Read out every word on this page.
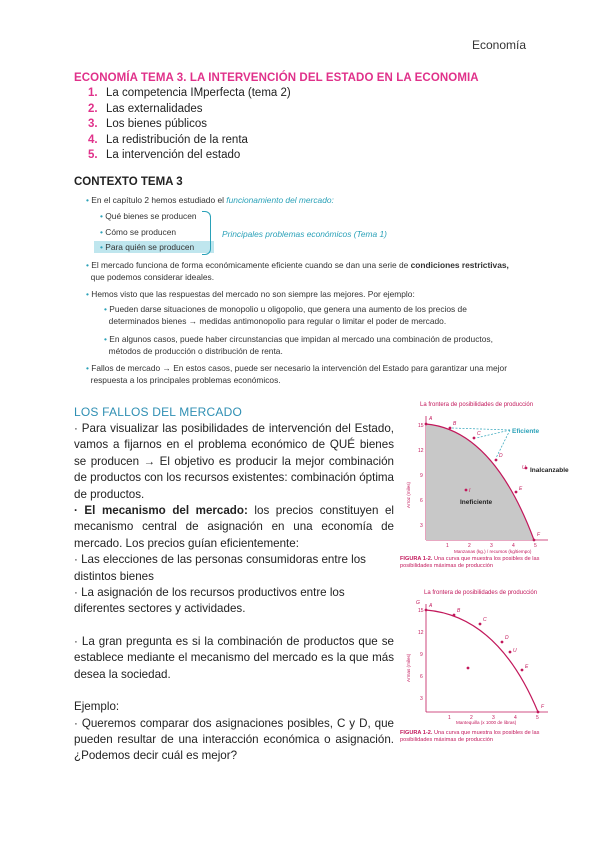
Economía
ECONOMÍA TEMA 3. LA INTERVENCIÓN DEL ESTADO EN LA ECONOMIA
1. La competencia IMperfecta (tema 2)
2. Las externalidades
3. Los bienes públicos
4. La redistribución de la renta
5. La intervención del estado
CONTEXTO TEMA 3
• En el capítulo 2 hemos estudiado el funcionamiento del mercado:
• Qué bienes se producen
• Cómo se producen
• Para quién se producen
Principales problemas económicos (Tema 1)
• El mercado funciona de forma económicamente eficiente cuando se dan una serie de condiciones restrictivas,
que podemos considerar ideales.
• Hemos visto que las respuestas del mercado no son siempre las mejores. Por ejemplo:
• Pueden darse situaciones de monopolio u oligopolio, que genera una aumento de los precios de
determinados bienes → medidas antimonopolio para regular o limitar el poder de mercado.
• En algunos casos, puede haber circunstancias que impidan al mercado una combinación de productos,
métodos de producción o distribución de renta.
• Fallos de mercado → En estos casos, puede ser necesario la intervención del Estado para garantizar una mejor
respuesta a los principales problemas económicos.
LOS FALLOS DEL MERCADO

· Para visualizar las posibilidades de intervención del Estado, vamos a fijarnos en el problema económico de QUÉ bienes se producen → El objetivo es producir la mejor combinación de productos con los recursos existentes: combinación óptima de productos.

· El mecanismo del mercado: los precios constituyen el mecanismo central de asignación en una economía de mercado. Los precios guían eficientemente:

· Las elecciones de las personas consumidoras entre los distintos bienes

· La asignación de los recursos productivos entre los diferentes sectores y actividades.

· La gran pregunta es si la combinación de productos que se establece mediante el mecanismo del mercado es la que más desea la sociedad.

Ejemplo:

· Queremos comparar dos asignaciones posibles, C y D, que pueden resultar de una interacción económica o asignación. ¿Podemos decir cuál es mejor?

La frontera de posibilidades de producción
15
12
9
6
3
1	2	3	4	5
A
B
C
D
E
F
I
U
Eficiente
Inalcanzable
Ineficiente
Manzanas (kg.) / recursos (kg/tiempo)
Arroz (miles)
FIGURA 1-2. Una curva que muestra los posibles de las posibilidades máximas de producción
La frontera de posibilidades de producción
15
12
9
6
3
1	2	3	4	5
A
B
C
D
E
F
G
U
Mantequilla (x 1000 de libras)
Armas (miles)
FIGURA 1-2. Una curva que muestra los posibles de las posibilidades máximas de producción
